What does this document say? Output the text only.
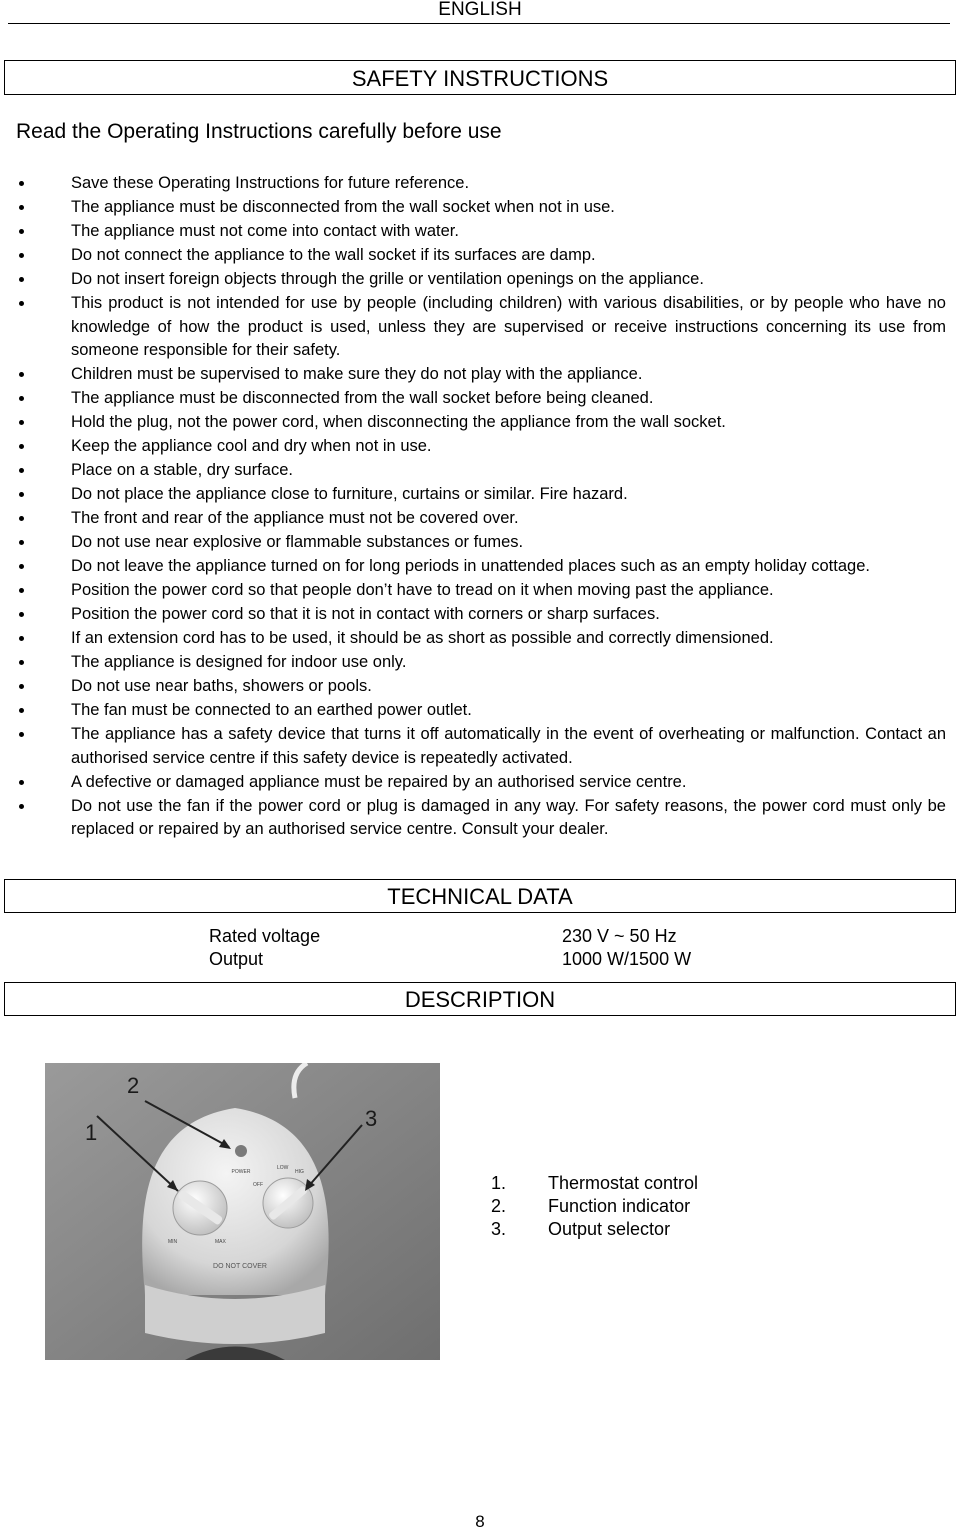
ENGLISH
SAFETY INSTRUCTIONS
Read the Operating Instructions carefully before use
Save these Operating Instructions for future reference.
The appliance must be disconnected from the wall socket when not in use.
The appliance must not come into contact with water.
Do not connect the appliance to the wall socket if its surfaces are damp.
Do not insert foreign objects through the grille or ventilation openings on the appliance.
This product is not intended for use by people (including children) with various disabilities, or by people who have no knowledge of how the product is used, unless they are supervised or receive instructions concerning its use from someone responsible for their safety.
Children must be supervised to make sure they do not play with the appliance.
The appliance must be disconnected from the wall socket before being cleaned.
Hold the plug, not the power cord, when disconnecting the appliance from the wall socket.
Keep the appliance cool and dry when not in use.
Place on a stable, dry surface.
Do not place the appliance close to furniture, curtains or similar. Fire hazard.
The front and rear of the appliance must not be covered over.
Do not use near explosive or flammable substances or fumes.
Do not leave the appliance turned on for long periods in unattended places such as an empty holiday cottage.
Position the power cord so that people don’t have to tread on it when moving past the appliance.
Position the power cord so that it is not in contact with corners or sharp surfaces.
If an extension cord has to be used, it should be as short as possible and correctly dimensioned.
The appliance is designed for indoor use only.
Do not use near baths, showers or pools.
The fan must be connected to an earthed power outlet.
The appliance has a safety device that turns it off automatically in the event of overheating or malfunction. Contact an authorised service centre if this safety device is repeatedly activated.
A defective or damaged appliance must be repaired by an authorised service centre.
Do not use the fan if the power cord or plug is damaged in any way. For safety reasons, the power cord must only be replaced or repaired by an authorised service centre. Consult your dealer.
TECHNICAL DATA
Rated voltage	230 V ~ 50 Hz
Output	1000 W/1500 W
DESCRIPTION
POWER
LOW
HIG
OFF
MIN	MAX
DO NOT COVER
1
2
3
1.	Thermostat control
2.	Function indicator
3.	Output selector
8
